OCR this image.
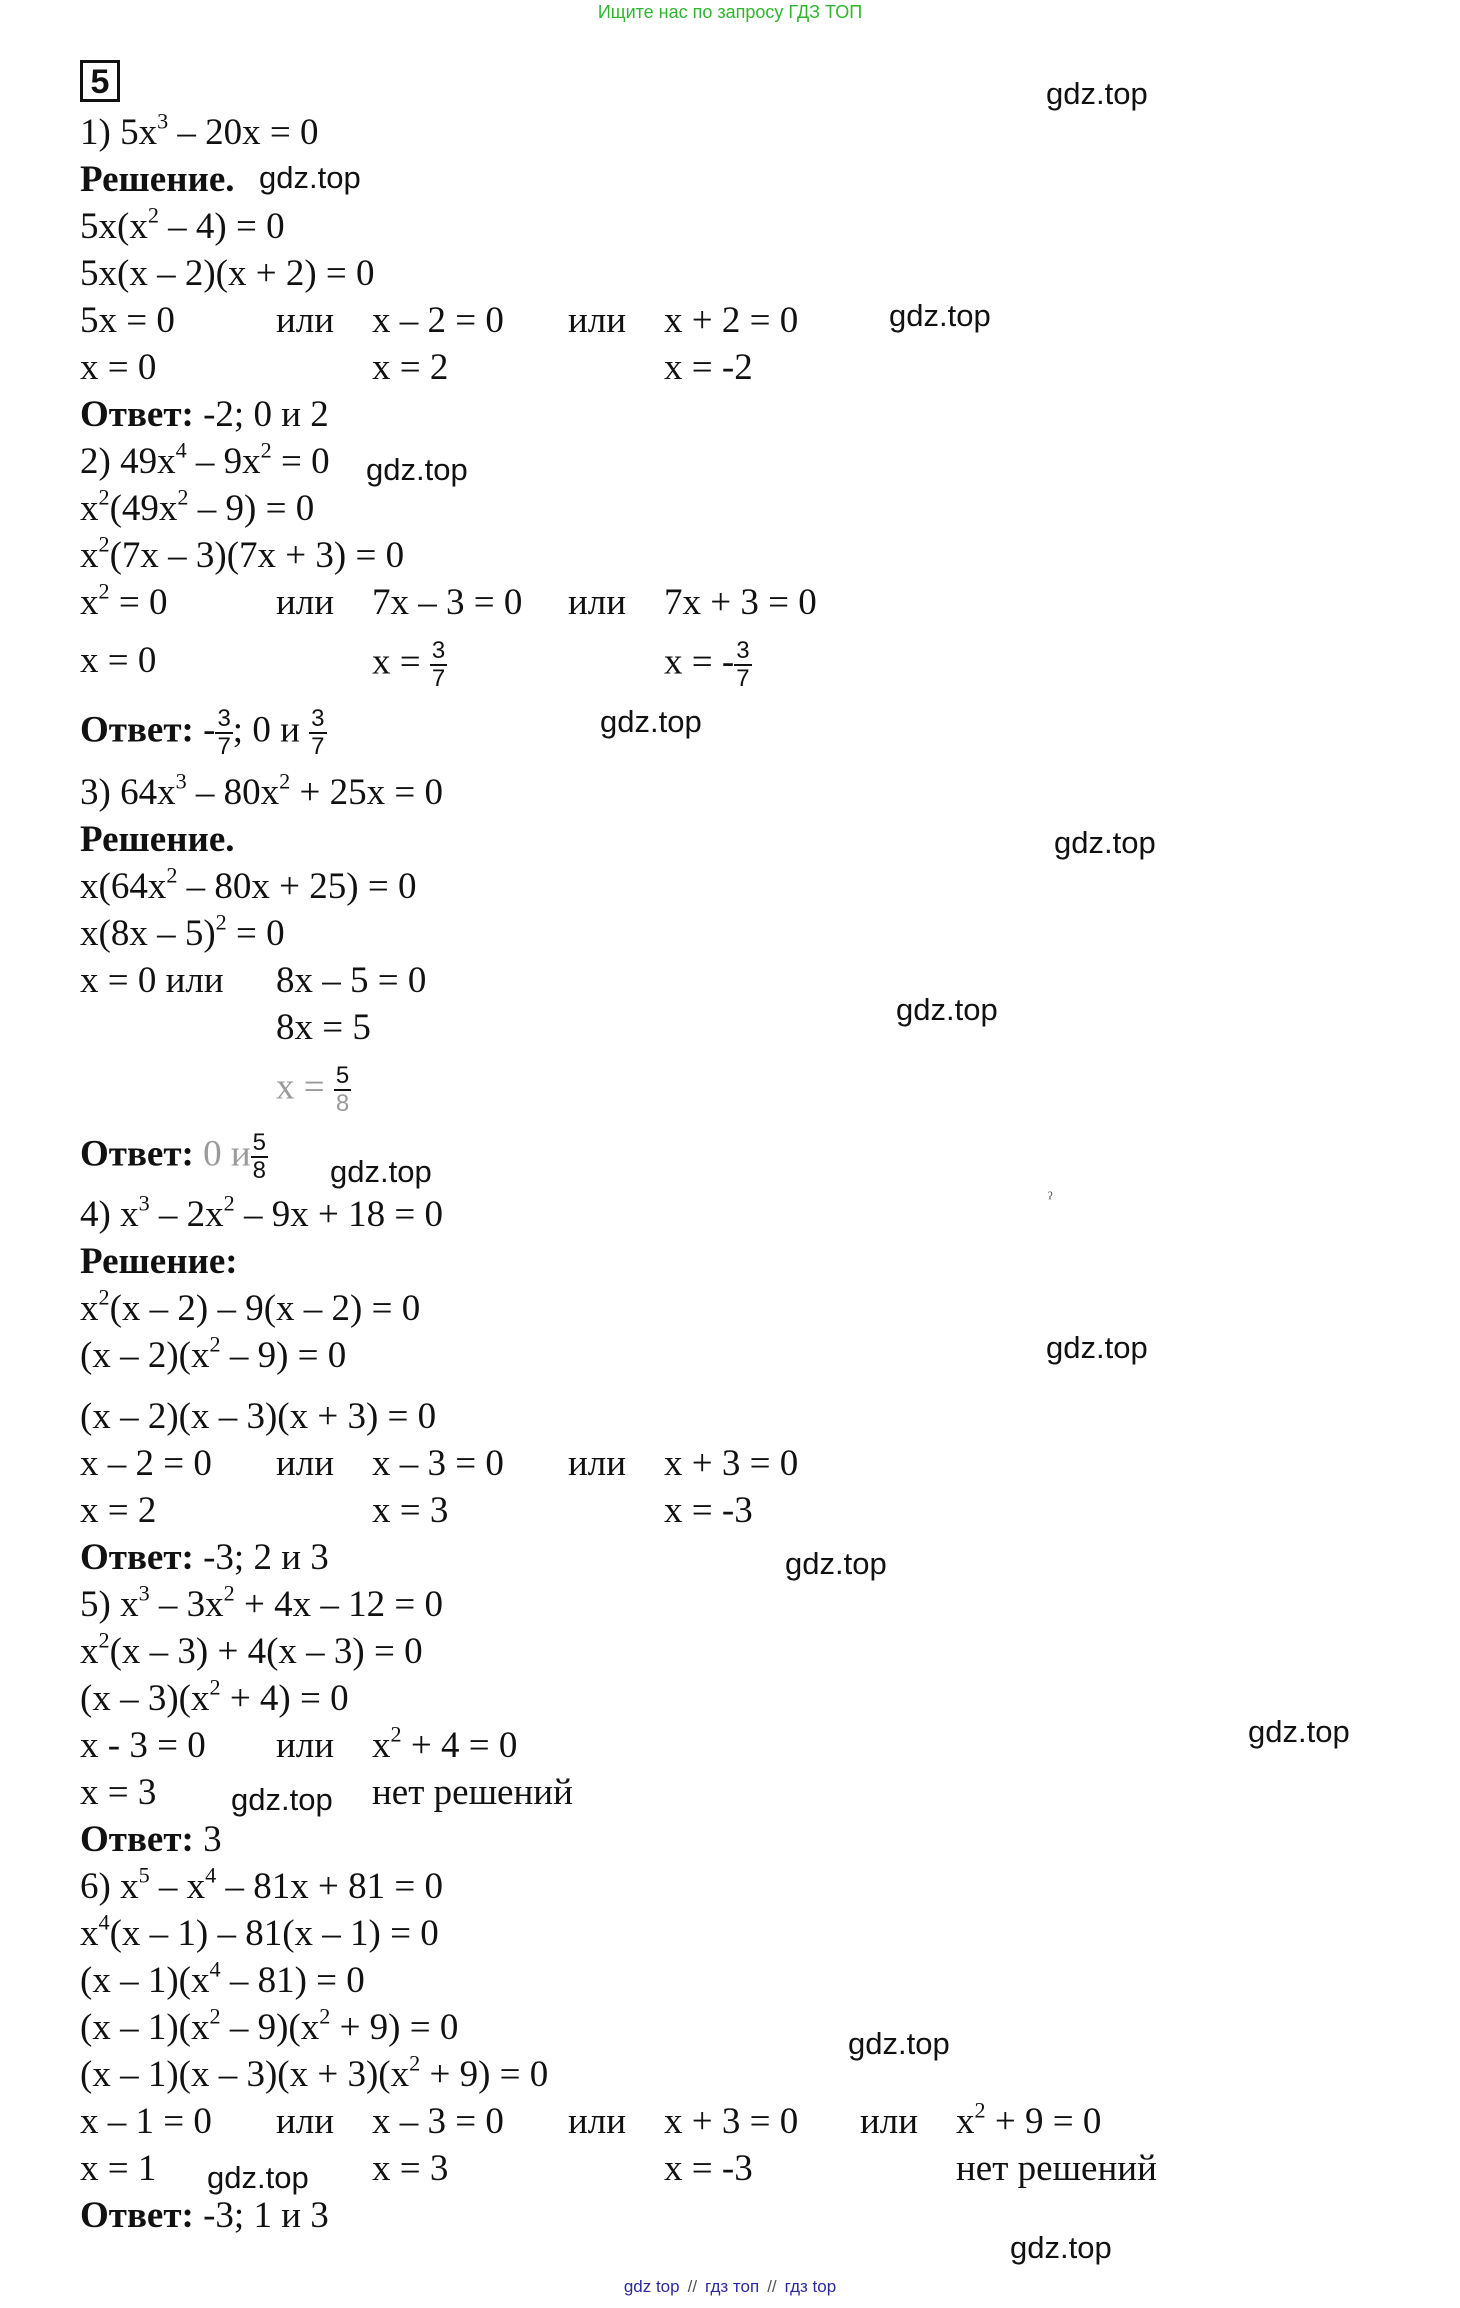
Ищите нас по запросу ГДЗ ТОП
5
1) $5x^3 - 20x = 0$
Решение.
$5x(x^2 - 4) = 0$
5x(x – 2)(x + 2) = 0
5x = 0	или x – 2 = 0 или x + 2 = 0
x = 0	x = 2	x = -2
Ответ: -2; 0 и 2
2) $49x^4 - 9x^2 = 0$
$x^2(49x^2 - 9) = 0$
$x^2(7x - 3)(7x + 3) = 0$
$x^2 = 0$	или 7x – 3 = 0 или 7x + 3 = 0
x = 0	$x = \frac{3}{7}$	x = - $\frac{3}{7}$
Ответ: - $\frac{3}{7}$ ; 0 и $\frac{3}{7}$
3) $64x^3 - 80x^2 + 25x = 0$
Решение.
$x(64x^2 - 80x + 25) = 0$
x(8x – 5)$^2$ = 0
x = 0 или 8x – 5 = 0
8x = 5
$x = \frac{5}{8}$
Ответ: 0 и $\frac{5}{8}$
4) $x^3 - 2x^2 - 9x + 18 = 0$
Решение:
$x^2(x - 2) - 9(x - 2) = 0$
$(x - 2)(x^2 - 9) = 0$
(x – 2)(x – 3)(x + 3) = 0
x – 2 = 0 или x – 3 = 0 или x + 3 = 0
x = 2	x = 3	x = -3
Ответ: -3; 2 и 3
5) $x^3 - 3x^2 + 4x - 12 = 0$
$x^2(x - 3) + 4(x - 3) = 0$
$(x - 3)(x^2 + 4) = 0$
x - 3 = 0 или $x^2 + 4 = 0$
x = 3	нет решений
Ответ: 3
6) $x^5 - x^4 - 81x + 81 = 0$
$x^4(x - 1) - 81(x - 1) = 0$
$(x - 1)(x^4 - 81) = 0$
$(x - 1)(x^2 - 9)(x^2 + 9) = 0$
$(x - 1)(x - 3)(x + 3)(x^2 + 9) = 0$
x – 1 = 0 или x – 3 = 0 или x + 3 = 0 или $x^2 + 9 = 0$
x = 1	x = 3	x = -3	нет решений
Ответ: -3; 1 и 3
ˀ
gdz.top
gdz.top
gdz.top
gdz.top
gdz.top
gdz.top
gdz.top
gdz.top
gdz.top
gdz.top
gdz.top
gdz.top
gdz.top
gdz.top
gdz.top
gdz top // гдз топ // гдз top
